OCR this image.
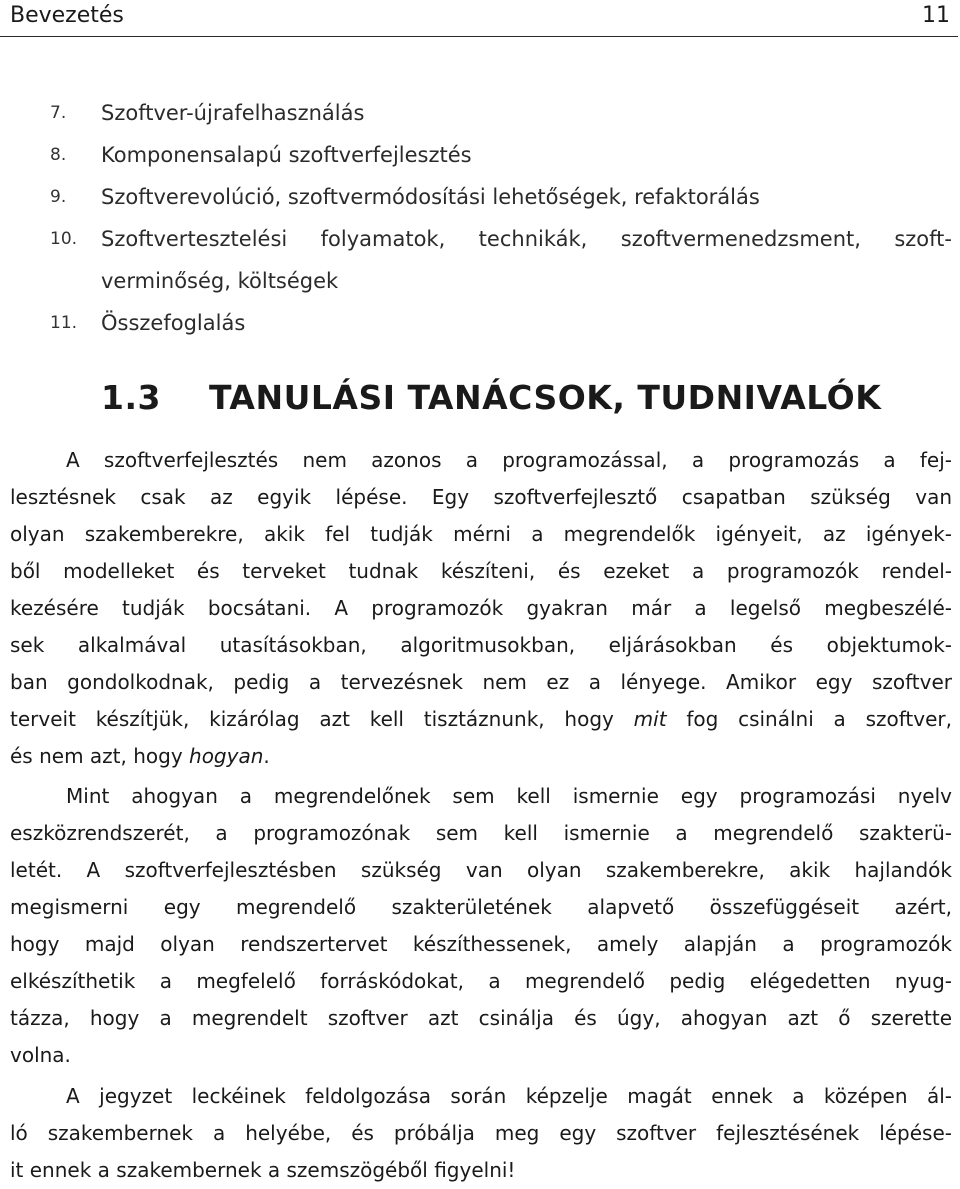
Bevezetés	11
7.	Szoftver-újrafelhasználás
8.	Komponensalapú szoftverfejlesztés
9.	Szoftverevolúció, szoftvermódosítási lehetőségek, refaktorálás
10.	Szoftvertesztelési folyamatok, technikák, szoftvermenedzsment, szoft-
verminőség, költségek
11.	Összefoglalás
1.3 TANULÁSI TANÁCSOK, TUDNIVALÓK

A szoftverfejlesztés nem azonos a programozással, a programozás a fej-
lesztésnek csak az egyik lépése. Egy szoftverfejlesztő csapatban szükség van
olyan szakemberekre, akik fel tudják mérni a megrendelők igényeit, az igények-
ből modelleket és terveket tudnak készíteni, és ezeket a programozók rendel-
kezésére tudják bocsátani. A programozók gyakran már a legelső megbeszélé-
sek alkalmával utasításokban, algoritmusokban, eljárásokban és objektumok-
ban gondolkodnak, pedig a tervezésnek nem ez a lényege. Amikor egy szoftver
terveit készítjük, kizárólag azt kell tisztáznunk, hogy mit fog csinálni a szoftver,
és nem azt, hogy hogyan.

Mint ahogyan a megrendelőnek sem kell ismernie egy programozási nyelv
eszközrendszerét, a programozónak sem kell ismernie a megrendelő szakterü-
letét. A szoftverfejlesztésben szükség van olyan szakemberekre, akik hajlandók
megismerni egy megrendelő szakterületének alapvető összefüggéseit azért,
hogy majd olyan rendszertervet készíthessenek, amely alapján a programozók
elkészíthetik a megfelelő forráskódokat, a megrendelő pedig elégedetten nyug-
tázza, hogy a megrendelt szoftver azt csinálja és úgy, ahogyan azt ő szerette
volna.

A jegyzet leckéinek feldolgozása során képzelje magát ennek a középen ál-
ló szakembernek a helyébe, és próbálja meg egy szoftver fejlesztésének lépése-
it ennek a szakembernek a szemszögéből figyelni!
